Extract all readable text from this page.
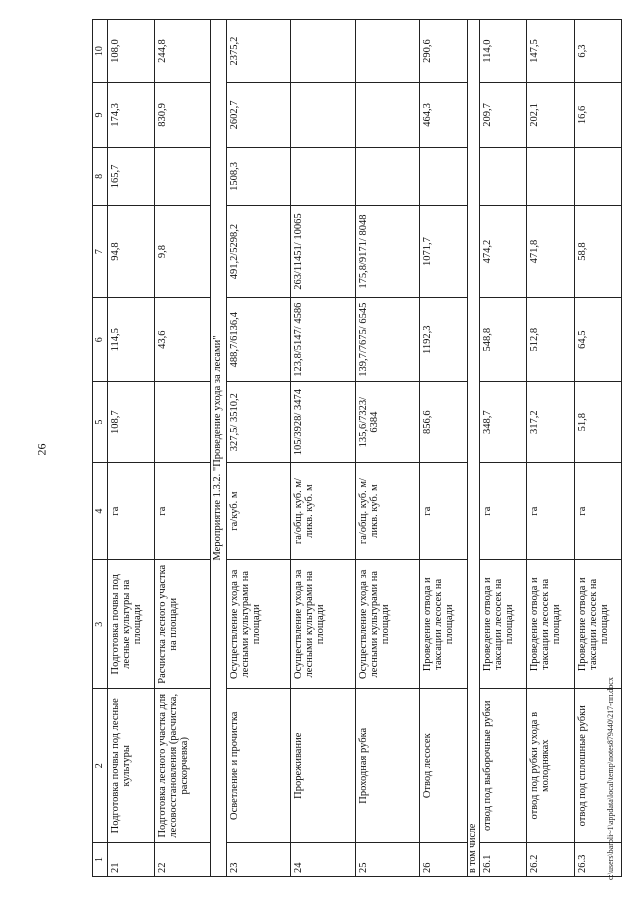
26
1	2	3	4	5	6	7	8	9	10
21	Подготовка почвы под лесные культуры	Подготовка почвы под лесные культуры на площади	га	108,7	114,5	94,8	165,7	174,3	108,0
22	Подготовка лесного участка для лесовосстановления (расчистка, раскорчевка)	Расчистка лесного участка на площади	га		43,6	9,8		830,9	244,8
Мероприятие 1.3.2. "Проведение ухода за лесами"									
23	Осветление и прочистка	Осуществление ухода за лесными культурами на площади	га/куб. м	327,5/ 3510,2	488,7/6136,4	491,2/5298,2	1508,3	2602,7	2375,2
24	Прореживание	Осуществление ухода за лесными культурами на площади	га/общ. куб. м/ ликв. куб. м	105/3928/ 3474	123,8/5147/ 4586	263/11451/ 10065			
25	Проходная рубка	Осуществление ухода за лесными культурами на площади	га/общ. куб. м/ ликв. куб. м	135,6/7323/ 6384	139,7/7675/ 6545	175,8/9171/ 8048			
26	Отвод лесосек	Проведение отвода и таксации лесосек на площади	га	856,6	1192,3	1071,7		464,3	290,6
в том числе									
26.1	отвод под выборочные рубки	Проведение отвода и таксации лесосек на площади	га	348,7	548,8	474,2		209,7	114,0
26.2	отвод под рубки ухода в молодняках	Проведение отвода и таксации лесосек на площади	га	317,2	512,8	471,8		202,1	147,5
26.3	отвод под сплошные рубки	Проведение отвода и таксации лесосек на площади	га	51,8	64,5	58,8		16,6	6,3
c:\users\baroli~1\appdata\local\temp\notes879440\217-пп.docx
